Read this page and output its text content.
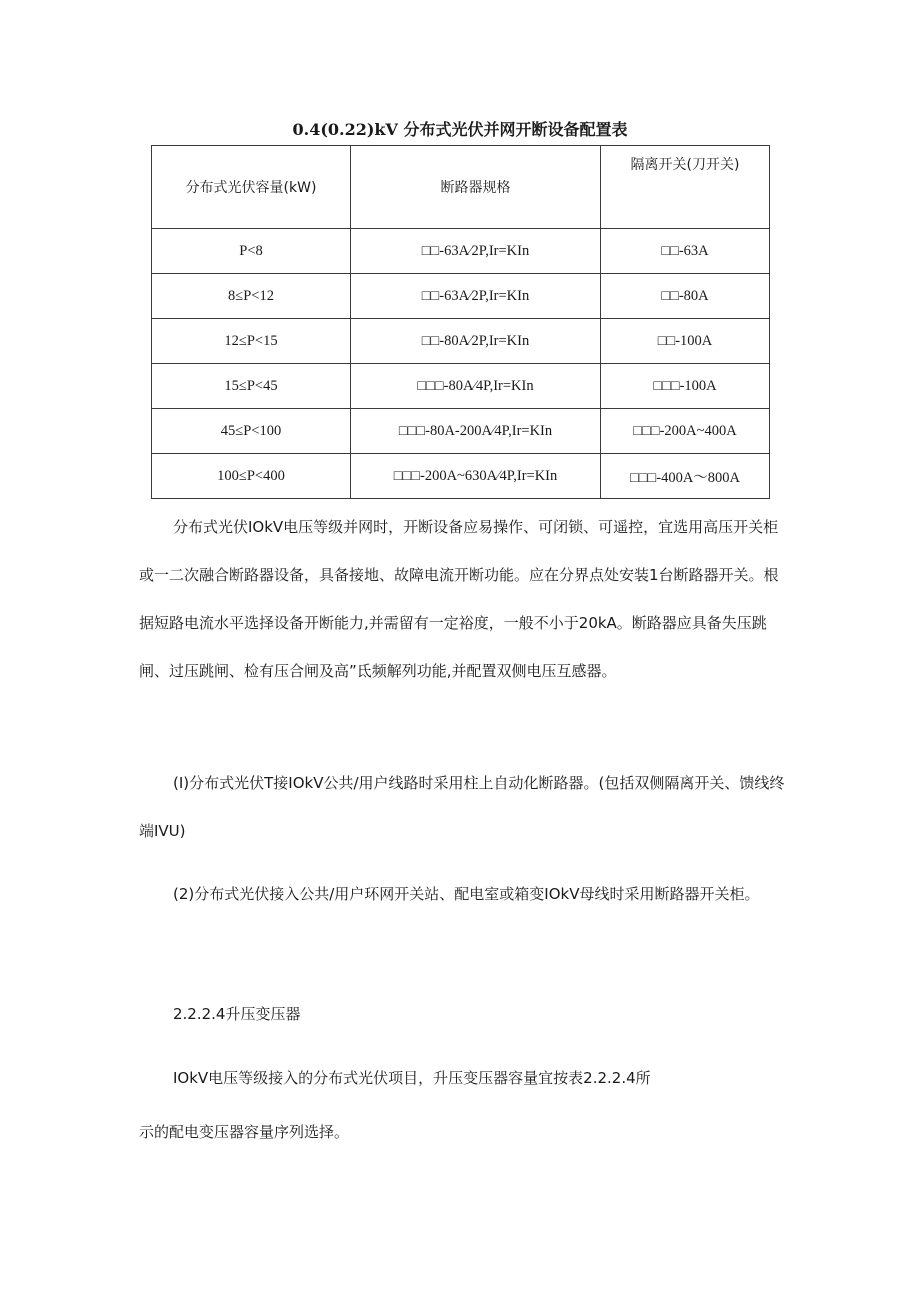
0.4(0.22)kV 分布式光伏并网开断设备配置表
分布式光伏容量(kW)	断路器规格	隔离开关(刀开关)
P<8	□□-63A∕2P,Ir=KIn	□□-63A
8≤P<12	□□-63A∕2P,Ir=KIn	□□-80A
12≤P<15	□□-80A∕2P,Ir=KIn	□□-100A
15≤P<45	□□□-80A∕4P,Ir=KIn	□□□-100A
45≤P<100	□□□-80A-200A∕4P,Ir=KIn	□□□-200A~400A
100≤P<400	□□□-200A~630A∕4P,Ir=KIn	□□□-400A～800A

分布式光伏IOkV电压等级并网时，开断设备应易操作、可闭锁、可遥控，宜选用高压开关柜或一二次融合断路器设备，具备接地、故障电流开断功能。应在分界点处安装1台断路器开关。根据短路电流水平选择设备开断能力,并需留有一定裕度，一般不小于20kA。断路器应具备失压跳闸、过压跳闸、检有压合闸及高”氐频解列功能,并配置双侧电压互感器。

(I)分布式光伏T接IOkV公共/用户线路时采用柱上自动化断路器。(包括双侧隔离开关、馈线终端IVU)

(2)分布式光伏接入公共/用户环网开关站、配电室或箱变IOkV母线时采用断路器开关柜。

2.2.2.4升压变压器

IOkV电压等级接入的分布式光伏项目，升压变压器容量宜按表2.2.2.4所

示的配电变压器容量序列选择。
